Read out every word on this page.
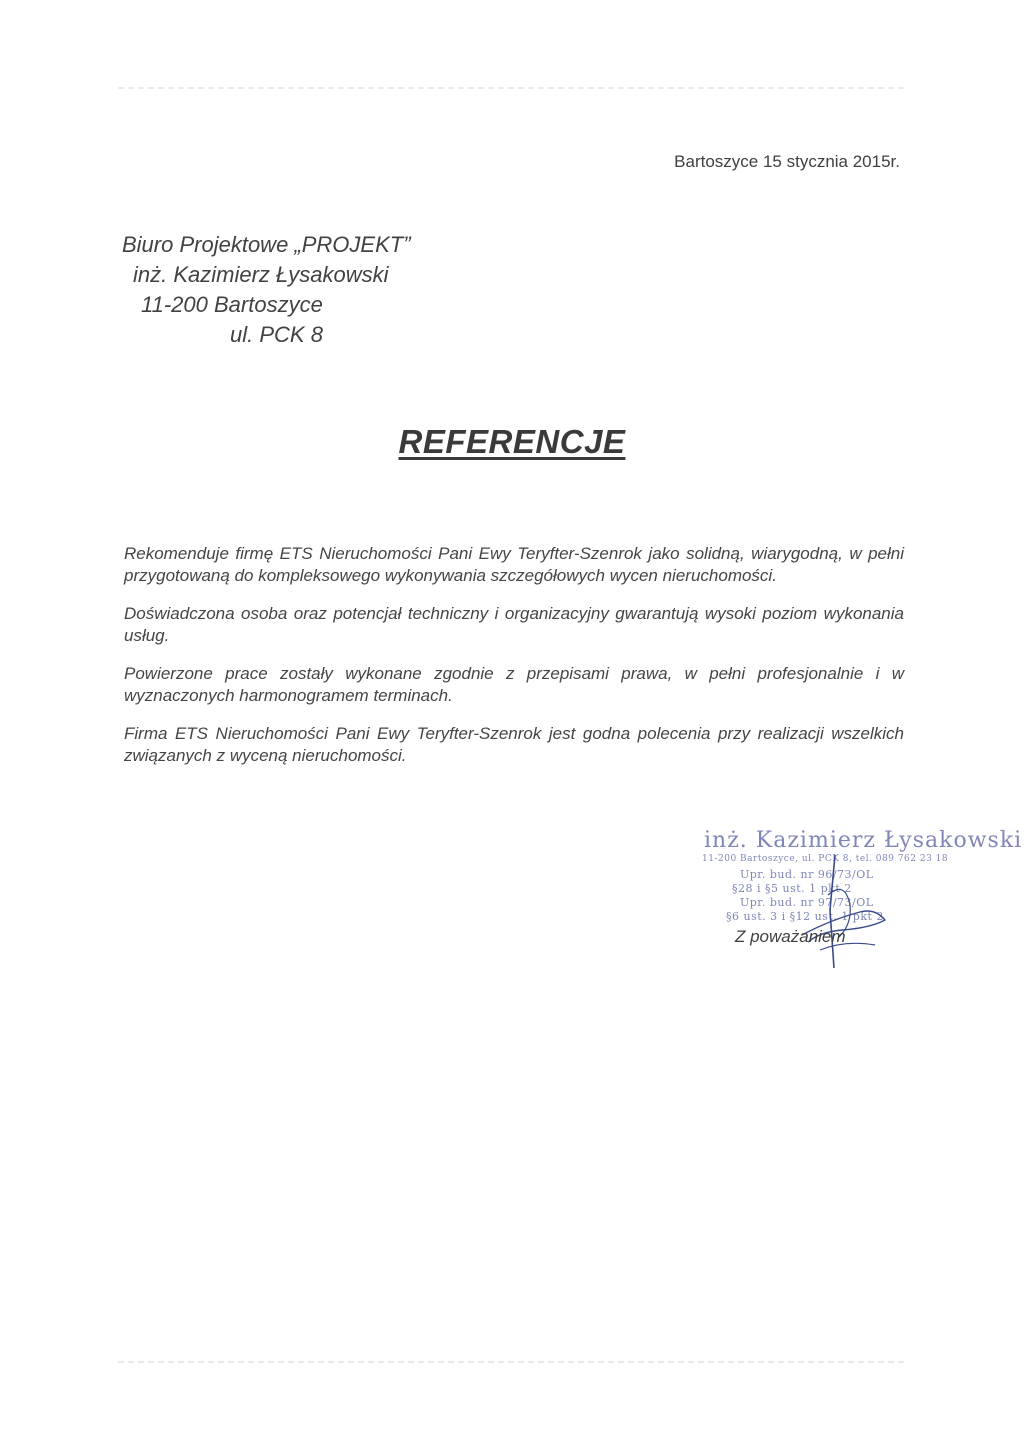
Bartoszyce 15 stycznia 2015r.
Biuro Projektowe „PROJEKT”
inż. Kazimierz Łysakowski
11-200 Bartoszyce
ul. PCK 8
REFERENCJE

Rekomenduje firmę ETS Nieruchomości Pani Ewy Teryfter-Szenrok jako solidną, wiarygodną, w pełni przygotowaną do kompleksowego wykonywania szczegółowych wycen nieruchomości.

Doświadczona osoba oraz potencjał techniczny i organizacyjny gwarantują wysoki poziom wykonania usług.

Powierzone prace zostały wykonane zgodnie z przepisami prawa, w pełni profesjonalnie i w wyznaczonych harmonogramem terminach.

Firma ETS Nieruchomości Pani Ewy Teryfter-Szenrok jest godna polecenia przy realizacji wszelkich związanych z wyceną nieruchomości.

inż. Kazimierz Łysakowski
11-200 Bartoszyce, ul. PCK 8, tel. 089 762 23 18
Upr. bud. nr 96/73/OL
§28 i §5 ust. 1 pkt 2
Upr. bud. nr 97/73/OL
§6 ust. 3 i §12 ust. 1 pkt 2
Z poważaniem
